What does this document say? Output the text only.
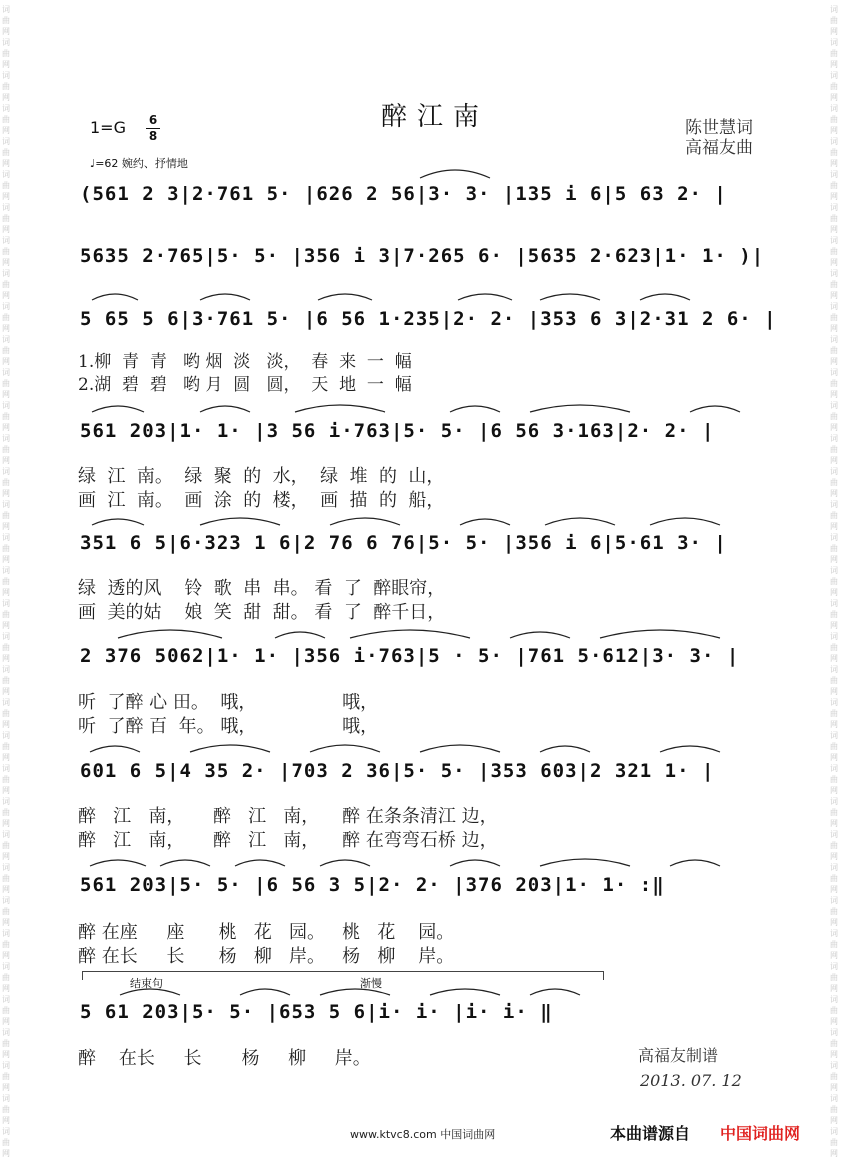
词
曲
网
词
曲
网
词
曲
网
词
曲
网
词
曲
网
词
曲
网
词
曲
网
词
曲
网
词
曲
网
词
曲
网
词
曲
网
词
曲
网
词
曲
网
词
曲
网
词
曲
网
词
曲
网
词
曲
网
词
曲
网
词
曲
网
词
曲
网
词
曲
网
词
曲
网
词
曲
网
词
曲
网
词
曲
网
词
曲
网
词
曲
网
词
曲
网
词
曲
网
词
曲
网
词
曲
网
词
曲
网
词
曲
网
词
曲
网
词
曲
网
词
曲
网
词
曲
网
词
曲
网
词
曲
网
词
曲
网
词
曲
网
词
曲
网
词
曲
网
词
曲
网
词
曲
网
词
曲
网
词
曲
网
词
曲
网
词
曲
网
词
曲
网
词
曲
网
词
曲
网
词
曲
网
词
曲
网
词
曲
网
词
曲
网
词
曲
网
词
曲
网
词
曲
网
词
曲
网
词
曲
网
词
曲
网
词
曲
网
词
曲
网
词
曲
网
词
曲
网
词
曲
网
词
曲
网
词
曲
网
词
曲
网
醉江南
1=G 6
8	陈世慧词
高福友曲
♩=62 婉约、抒情地
(561 2 3|2·761 5· |626 2 56|3· 3· |135 i 6|5 63 2· |
5635 2·765|5· 5· |356 i 3|7·265 6· |5635 2·623|1· 1· )|
5 65 5 6|3·761 5· |6 56 1·235|2· 2· |353 6 3|2·31 2 6· |
561 203|1· 1· |3 56 i·763|5· 5· |6 56 3·163|2· 2· |
351 6 5|6·323 1 6|2 76 6 76|5· 5· |356 i 6|5·61 3· |
2 376 5062|1· 1· |356 i·763|5 · 5· |761 5·612|3· 3· |
601 6 5|4 35 2· |703 2 36|5· 5· |353 603|2 321 1· |
561 203|5· 5· |6 56 3 5|2· 2· |376 203|1· 1· :‖
5 61 203|5· 5· |653 5 6|i· i· |i· i· ‖
1.柳  青  青   哟 烟  淡   淡，  春  来  一  幅
2.湖  碧  碧   哟 月  圆   圆，  天  地  一  幅
绿  江  南。  绿  聚  的  水，  绿  堆  的  山，
画  江  南。  画  涂  的  楼，  画  描  的  船，
绿  透的风    铃  歌  串  串。 看  了  醉眼帘，
画  美的姑    娘  笑  甜  甜。 看  了  醉千日，
听  了醉 心 田。  哦，               哦，
听  了醉 百  年。 哦，               哦，
醉   江   南，     醉   江   南，    醉 在条条清江 边，
醉   江   南，     醉   江   南，    醉 在弯弯石桥 边，
醉 在座     座      桃   花   园。   桃   花    园。
醉 在长     长      杨   柳   岸。   杨   柳    岸。
醉    在长     长       杨     柳     岸。
结束句	渐慢
高福友制谱
2013. 07. 12
www.ktvc8.com 中国词曲网	本曲谱源自 中国词曲网
